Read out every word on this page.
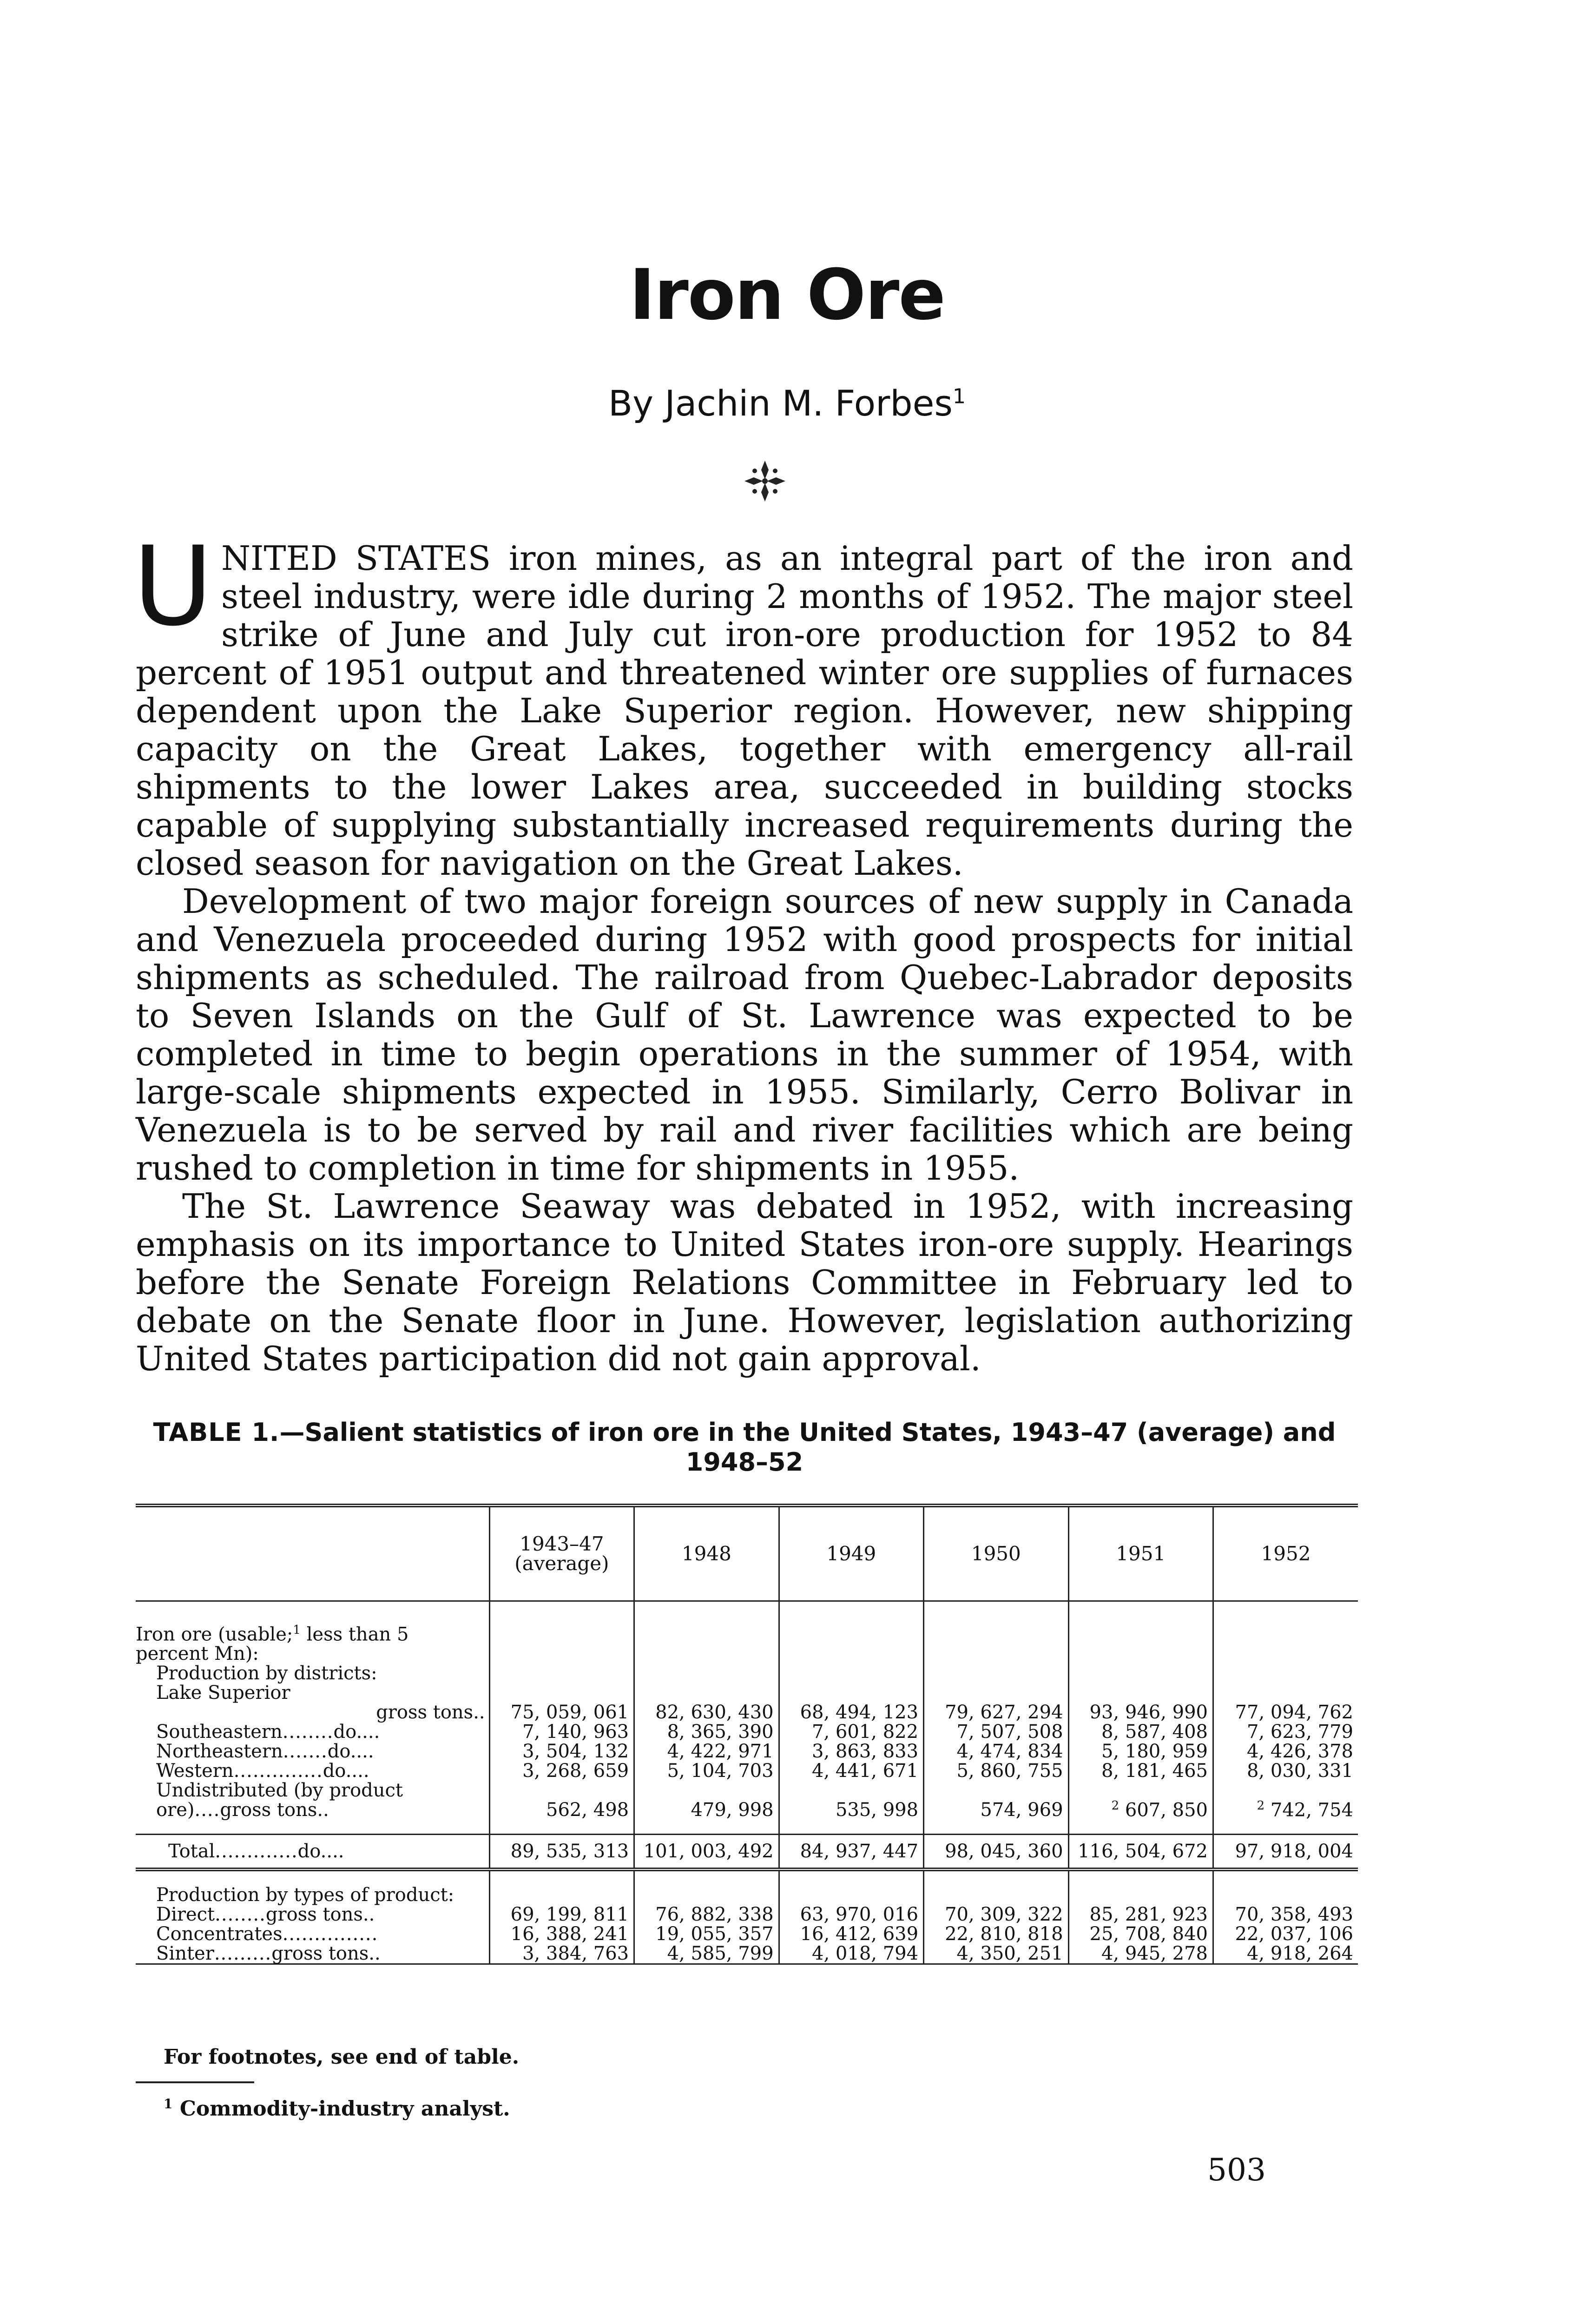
Iron Ore
By Jachin M. Forbes$^1$

UNITED STATES iron mines, as an integral part of the iron and steel industry, were idle during 2 months of 1952. The major steel strike of June and July cut iron-ore production for 1952 to 84 percent of 1951 output and threatened winter ore supplies of furnaces dependent upon the Lake Superior region. However, new shipping capacity on the Great Lakes, together with emergency all-rail shipments to the lower Lakes area, succeeded in building stocks capable of supplying substantially increased requirements during the closed season for navigation on the Great Lakes.

Development of two major foreign sources of new supply in Canada and Venezuela proceeded during 1952 with good prospects for initial shipments as scheduled. The railroad from Quebec-Labrador deposits to Seven Islands on the Gulf of St. Lawrence was expected to be completed in time to begin operations in the summer of 1954, with large-scale shipments expected in 1955. Similarly, Cerro Bolivar in Venezuela is to be served by rail and river facilities which are being rushed to completion in time for shipments in 1955.

The St. Lawrence Seaway was debated in 1952, with increasing emphasis on its importance to United States iron-ore supply. Hearings before the Senate Foreign Relations Committee in February led to debate on the Senate floor in June. However, legislation authorizing United States participation did not gain approval.

TABLE 1.—Salient statistics of iron ore in the United States, 1943–47 (average) and 1948–52
	1943–47 (average)	1948	1949	1950	1951	1952

Iron ore (usable;$^1$ less than 5 percent Mn):						
Production by districts:						
Lake Superior
gross tons..	75, 059, 061	82, 630, 430	68, 494, 123	79, 627, 294	93, 946, 990	77, 094, 762
Southeastern........do....	7, 140, 963	8, 365, 390	7, 601, 822	7, 507, 508	8, 587, 408	7, 623, 779
Northeastern.......do....	3, 504, 132	4, 422, 971	3, 863, 833	4, 474, 834	5, 180, 959	4, 426, 378
Western..............do....	3, 268, 659	5, 104, 703	4, 441, 671	5, 860, 755	8, 181, 465	8, 030, 331
Undistributed (by product ore)....gross tons..	562, 498	479, 998	535, 998	574, 969	$^2$ 607, 850	$^2$ 742, 754

Total.............do....	89, 535, 313	101, 003, 492	84, 937, 447	98, 045, 360	116, 504, 672	97, 918, 004

Production by types of product:						
Direct........gross tons..	69, 199, 811	76, 882, 338	63, 970, 016	70, 309, 322	85, 281, 923	70, 358, 493
Concentrates...............	16, 388, 241	19, 055, 357	16, 412, 639	22, 810, 818	25, 708, 840	22, 037, 106
Sinter.........gross tons..	3, 384, 763	4, 585, 799	4, 018, 794	4, 350, 251	4, 945, 278	4, 918, 264
For footnotes, see end of table.
$^1$ Commodity-industry analyst.
503
